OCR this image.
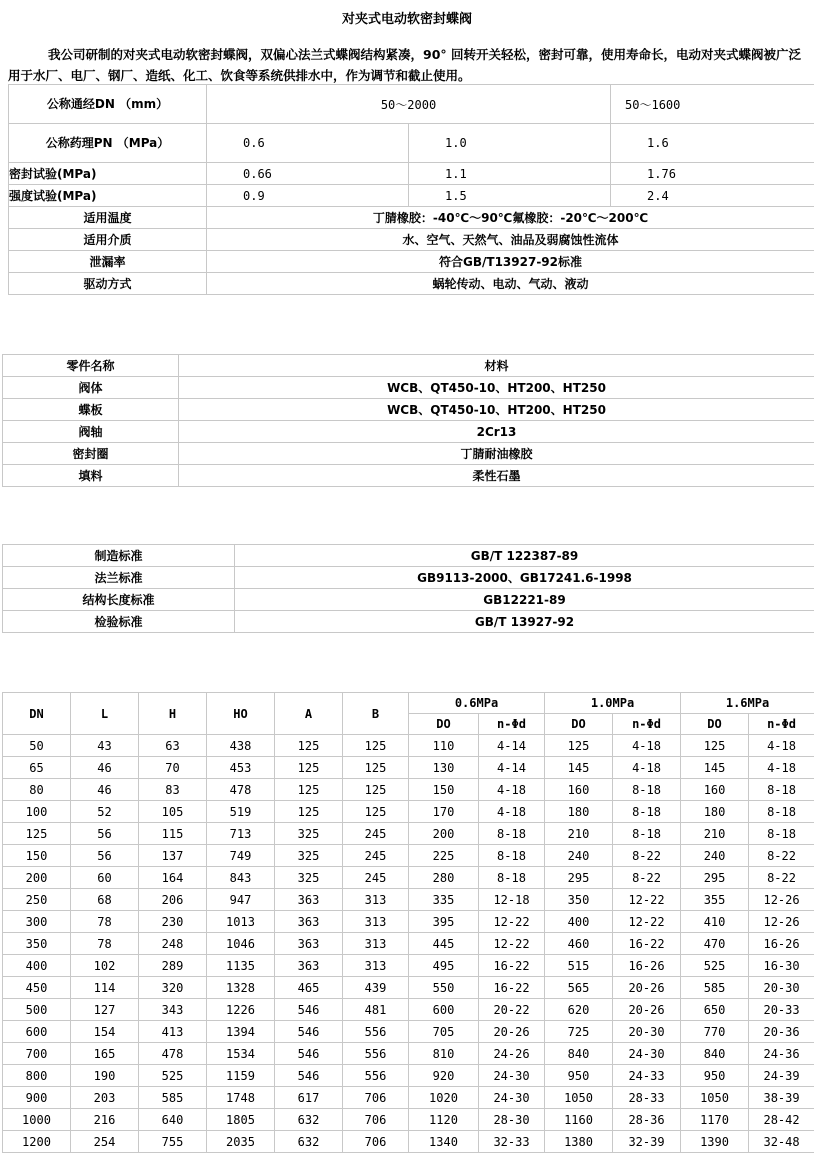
对夹式电动软密封蝶阀
我公司研制的对夹式电动软密封蝶阀，双偏心法兰式蝶阀结构紧凑，90° 回转开关轻松，密封可靠，使用寿命长，电动对夹式蝶阀被广泛用于水厂、电厂、钢厂、造纸、化工、饮食等系统供排水中，作为调节和截止使用。
公称通经DN （mm）	50～2000		50～1600
公称药理PN （MPa）	0.6	1.0	1.6
密封试验(MPa)	0.66	1.1	1.76
强度试验(MPa)	0.9	1.5	2.4
适用温度	丁腈橡胶：-40℃～90℃氟橡胶：-20℃～200℃		
适用介质	水、空气、天然气、油品及弱腐蚀性流体		
泄漏率	符合GB/T13927-92标准		
驱动方式	蜗轮传动、电动、气动、液动		
零件名称	材料
阀体	WCB、QT450-10、HT200、HT250
蝶板	WCB、QT450-10、HT200、HT250
阀轴	2Cr13
密封圈	丁腈耐油橡胶
填料	柔性石墨
制造标准	GB/T 122387-89
法兰标准	GB9113-2000、GB17241.6-1998
结构长度标准	GB12221-89
检验标准	GB/T 13927-92
DN	L	H	HO	A	B	0.6MPa		1.0MPa		1.6MPa	
						DO	n-Φd	DO	n-Φd	DO	n-Φd
50	43	63	438	125	125	110	4-14	125	4-18	125	4-18
65	46	70	453	125	125	130	4-14	145	4-18	145	4-18
80	46	83	478	125	125	150	4-18	160	8-18	160	8-18
100	52	105	519	125	125	170	4-18	180	8-18	180	8-18
125	56	115	713	325	245	200	8-18	210	8-18	210	8-18
150	56	137	749	325	245	225	8-18	240	8-22	240	8-22
200	60	164	843	325	245	280	8-18	295	8-22	295	8-22
250	68	206	947	363	313	335	12-18	350	12-22	355	12-26
300	78	230	1013	363	313	395	12-22	400	12-22	410	12-26
350	78	248	1046	363	313	445	12-22	460	16-22	470	16-26
400	102	289	1135	363	313	495	16-22	515	16-26	525	16-30
450	114	320	1328	465	439	550	16-22	565	20-26	585	20-30
500	127	343	1226	546	481	600	20-22	620	20-26	650	20-33
600	154	413	1394	546	556	705	20-26	725	20-30	770	20-36
700	165	478	1534	546	556	810	24-26	840	24-30	840	24-36
800	190	525	1159	546	556	920	24-30	950	24-33	950	24-39
900	203	585	1748	617	706	1020	24-30	1050	28-33	1050	38-39
1000	216	640	1805	632	706	1120	28-30	1160	28-36	1170	28-42
1200	254	755	2035	632	706	1340	32-33	1380	32-39	1390	32-48
